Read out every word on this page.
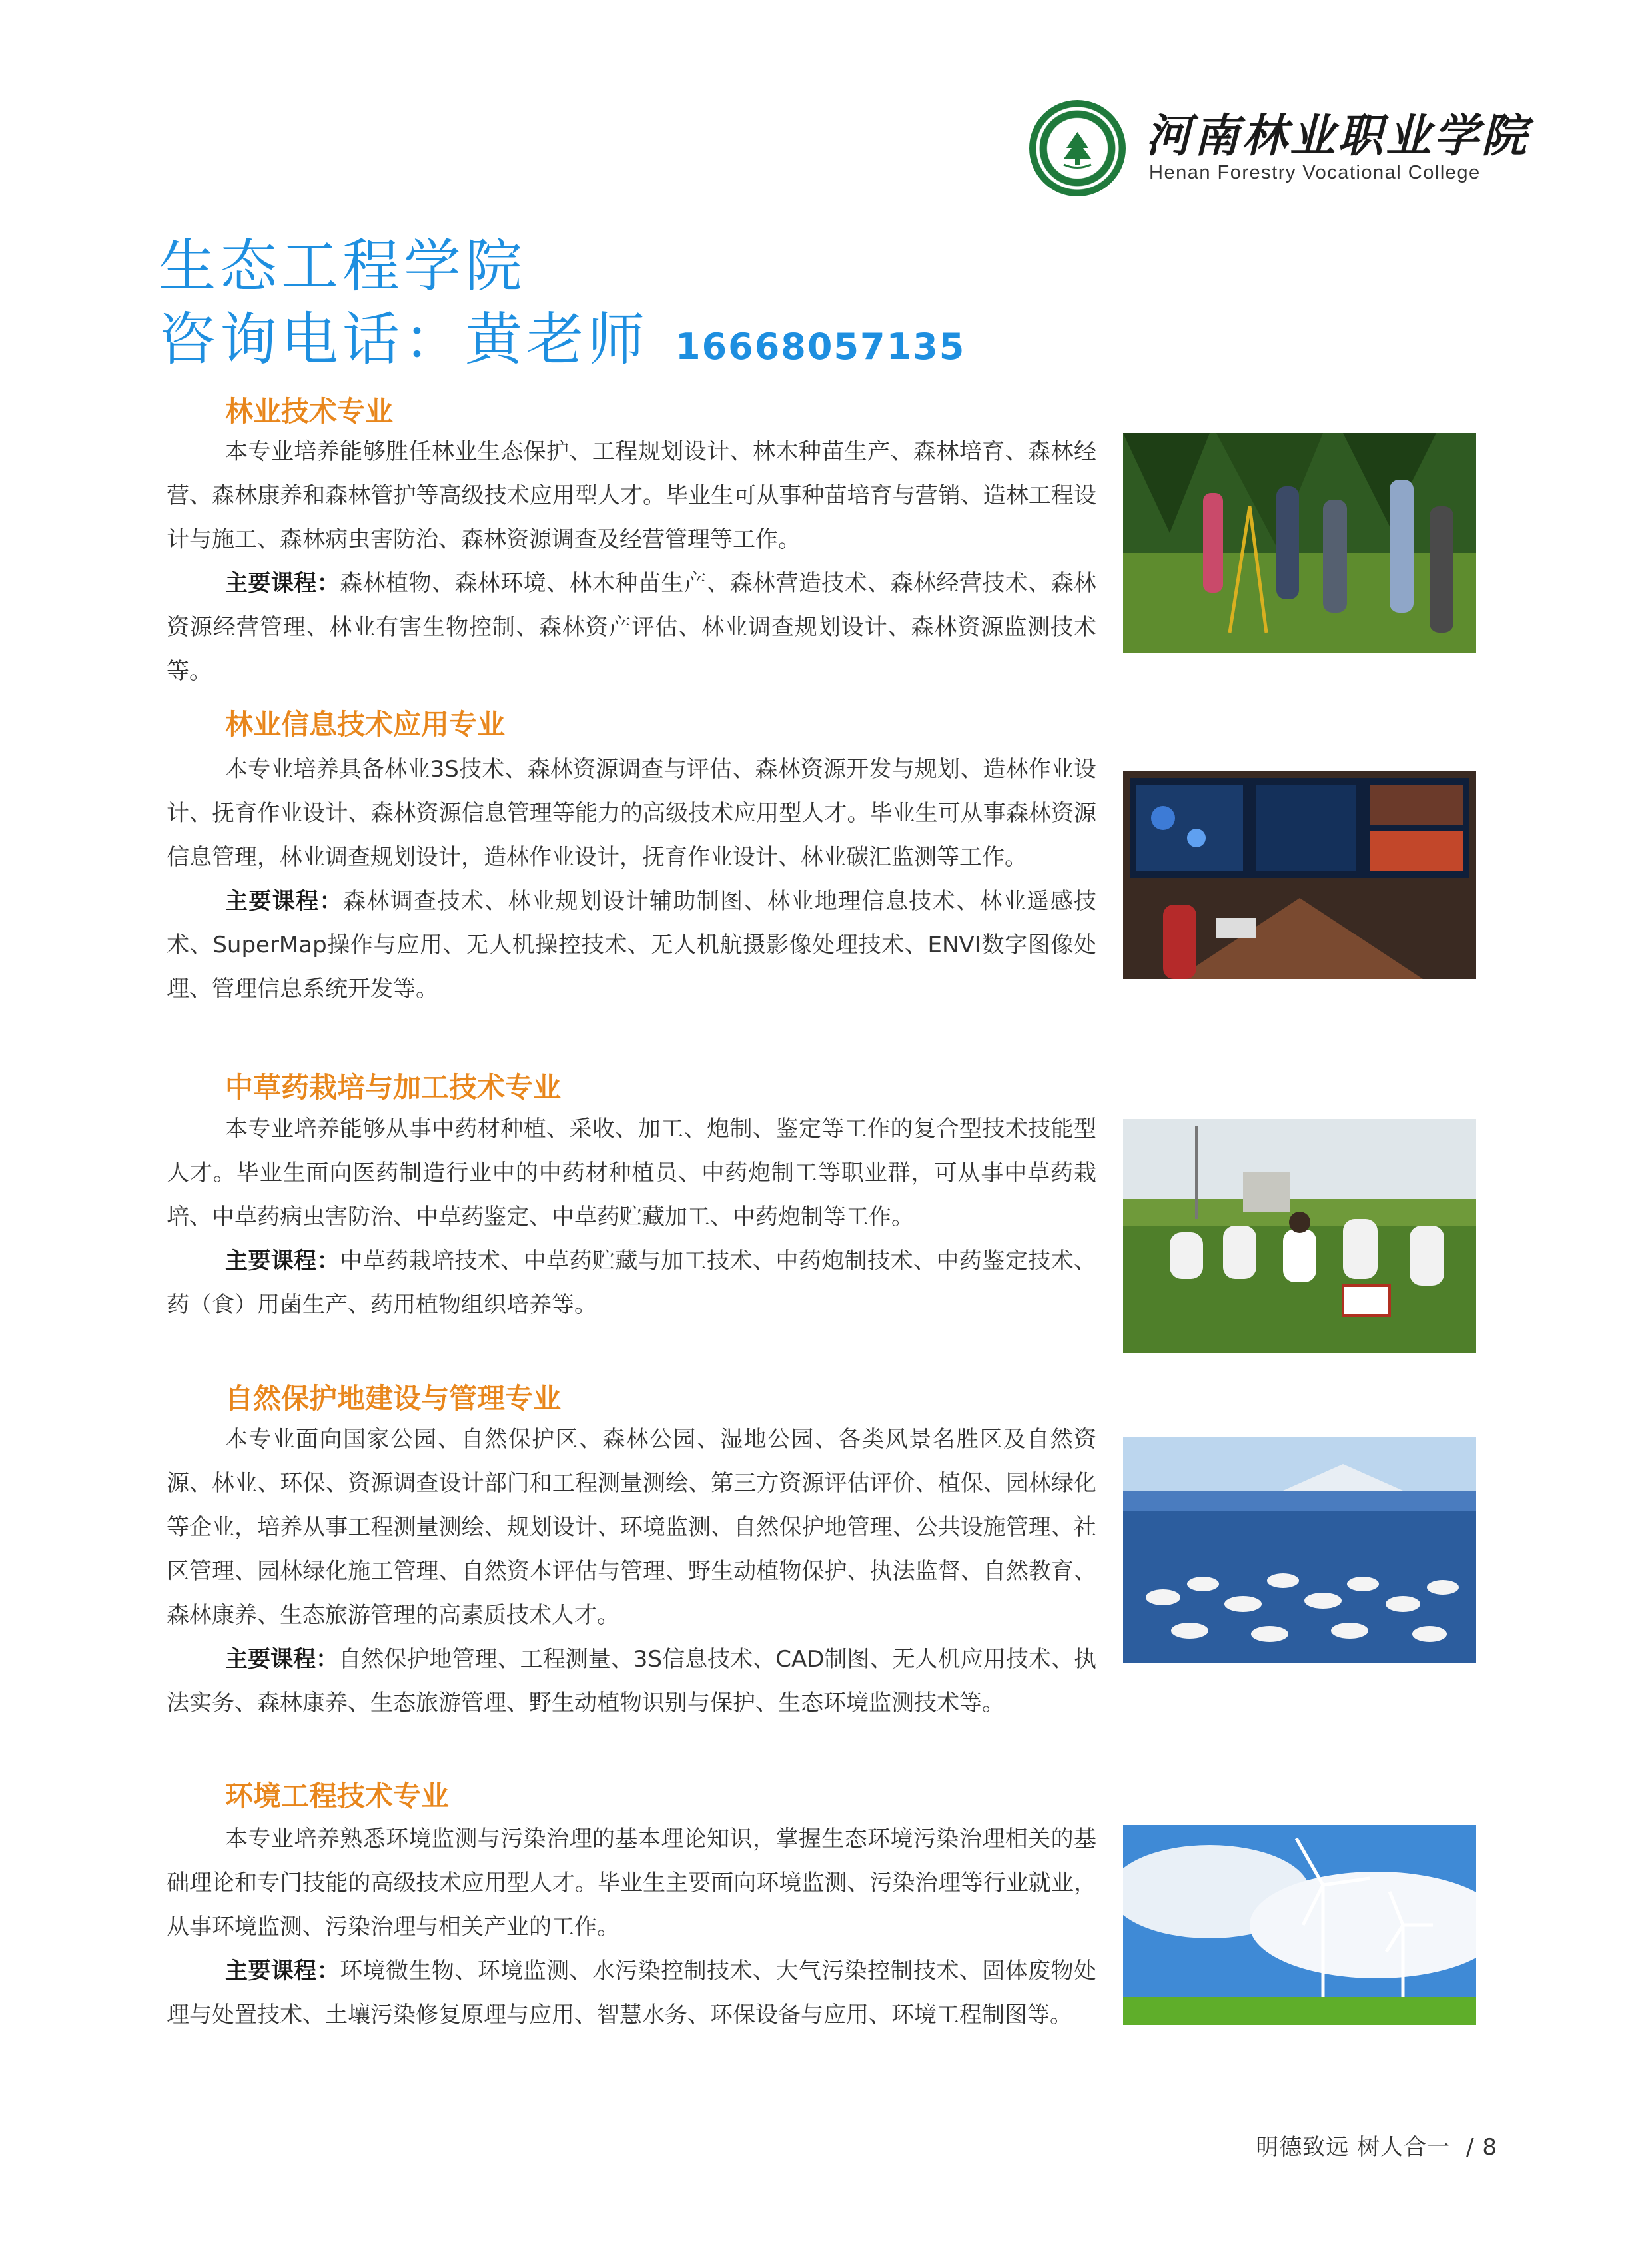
河南林业职业学院
Henan Forestry Vocational College
生态工程学院
咨询电话：黄老师 16668057135
林业技术专业

本专业培养能够胜任林业生态保护、工程规划设计、林木种苗生产、森林培育、森林经营、森林康养和森林管护等高级技术应用型人才。毕业生可从事种苗培育与营销、造林工程设计与施工、森林病虫害防治、森林资源调查及经营管理等工作。

主要课程：森林植物、森林环境、林木种苗生产、森林营造技术、森林经营技术、森林资源经营管理、林业有害生物控制、森林资产评估、林业调查规划设计、森林资源监测技术等。

林业信息技术应用专业

本专业培养具备林业3S技术、森林资源调查与评估、森林资源开发与规划、造林作业设计、抚育作业设计、森林资源信息管理等能力的高级技术应用型人才。毕业生可从事森林资源信息管理，林业调查规划设计，造林作业设计，抚育作业设计、林业碳汇监测等工作。

主要课程：森林调查技术、林业规划设计辅助制图、林业地理信息技术、林业遥感技术、SuperMap操作与应用、无人机操控技术、无人机航摄影像处理技术、ENVI数字图像处理、管理信息系统开发等。

中草药栽培与加工技术专业

本专业培养能够从事中药材种植、采收、加工、炮制、鉴定等工作的复合型技术技能型人才。毕业生面向医药制造行业中的中药材种植员、中药炮制工等职业群，可从事中草药栽培、中草药病虫害防治、中草药鉴定、中草药贮藏加工、中药炮制等工作。

主要课程：中草药栽培技术、中草药贮藏与加工技术、中药炮制技术、中药鉴定技术、药（食）用菌生产、药用植物组织培养等。

自然保护地建设与管理专业

本专业面向国家公园、自然保护区、森林公园、湿地公园、各类风景名胜区及自然资源、林业、环保、资源调查设计部门和工程测量测绘、第三方资源评估评价、植保、园林绿化等企业，培养从事工程测量测绘、规划设计、环境监测、自然保护地管理、公共设施管理、社区管理、园林绿化施工管理、自然资本评估与管理、野生动植物保护、执法监督、自然教育、森林康养、生态旅游管理的高素质技术人才。

主要课程：自然保护地管理、工程测量、3S信息技术、CAD制图、无人机应用技术、执法实务、森林康养、生态旅游管理、野生动植物识别与保护、生态环境监测技术等。

环境工程技术专业

本专业培养熟悉环境监测与污染治理的基本理论知识，掌握生态环境污染治理相关的基础理论和专门技能的高级技术应用型人才。毕业生主要面向环境监测、污染治理等行业就业，从事环境监测、污染治理与相关产业的工作。

主要课程：环境微生物、环境监测、水污染控制技术、大气污染控制技术、固体废物处理与处置技术、土壤污染修复原理与应用、智慧水务、环保设备与应用、环境工程制图等。

明德致远 树人合一 / 8
